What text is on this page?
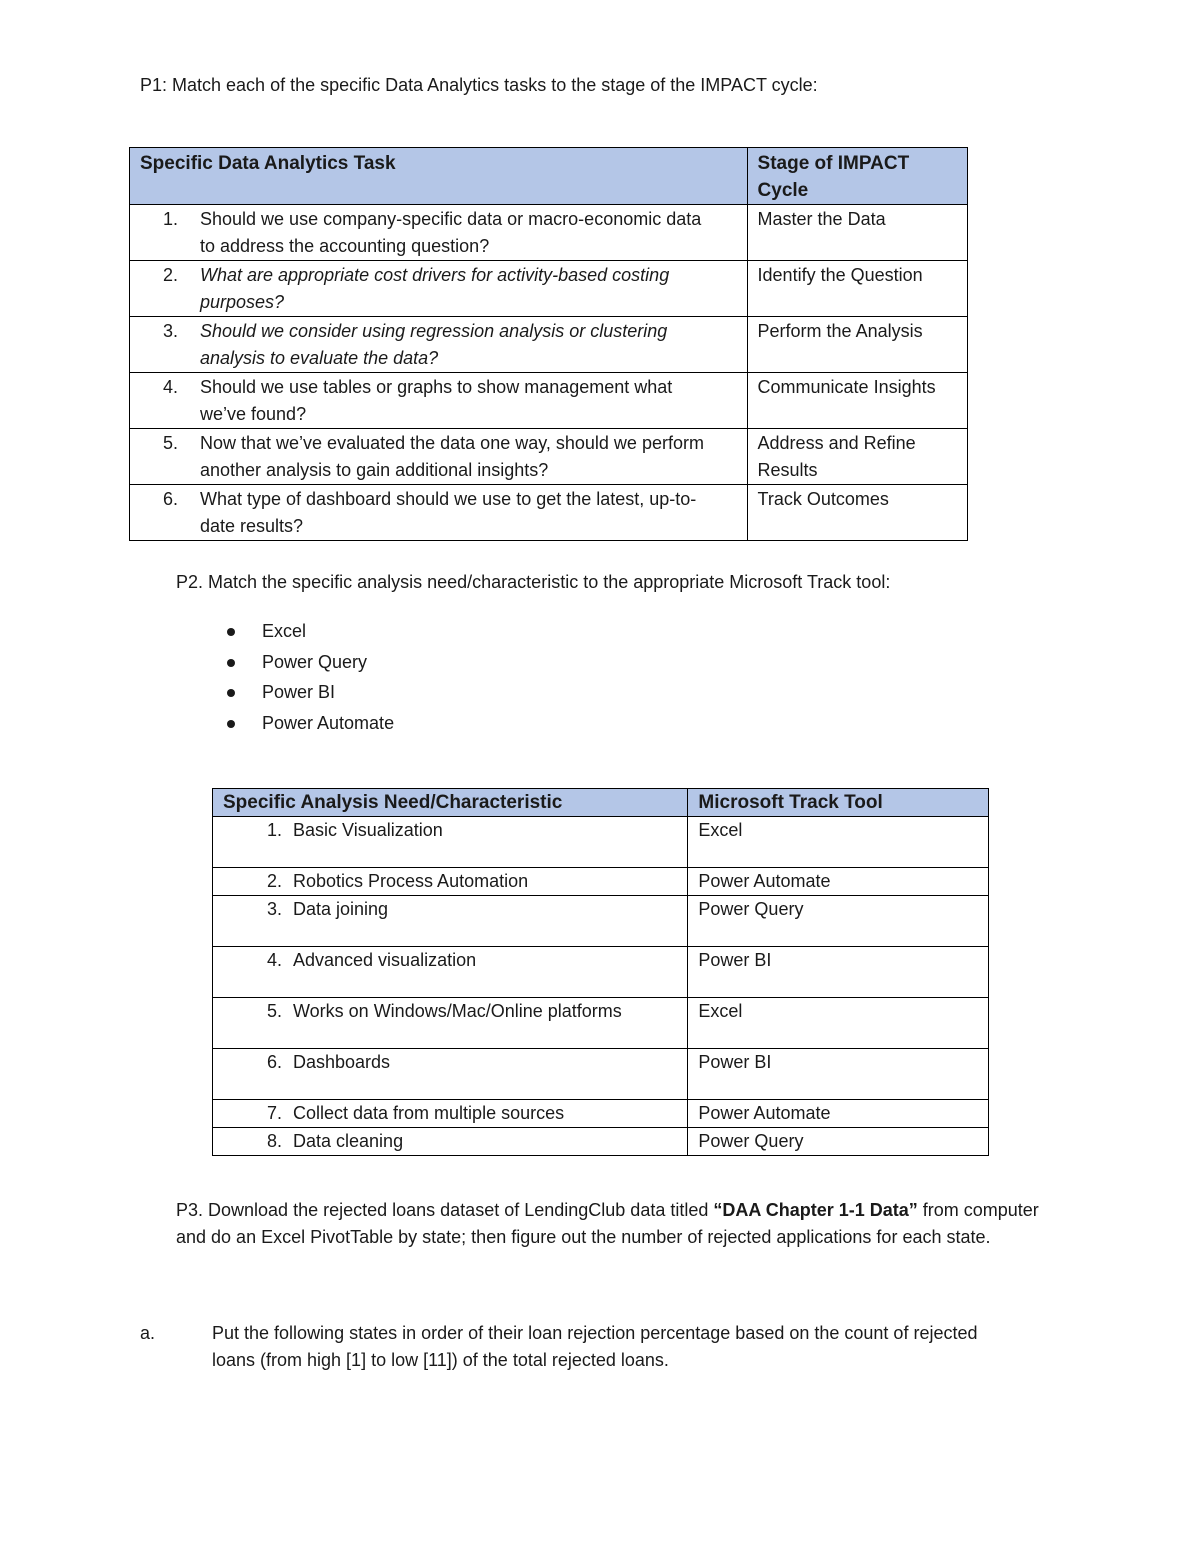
P1: Match each of the specific Data Analytics tasks to the stage of the IMPACT cycle:

Specific Data Analytics Task	Stage of IMPACT Cycle
1. Should we use company-specific data or macro-economic data to address the accounting question?	Master the Data
2. What are appropriate cost drivers for activity-based costing purposes?	Identify the Question
3. Should we consider using regression analysis or clustering analysis to evaluate the data?	Perform the Analysis
4. Should we use tables or graphs to show management what we’ve found?	Communicate Insights
5. Now that we’ve evaluated the data one way, should we perform another analysis to gain additional insights?	Address and Refine Results
6. What type of dashboard should we use to get the latest, up-to-date results?	Track Outcomes

P2. Match the specific analysis need/characteristic to the appropriate Microsoft Track tool:

Excel
Power Query
Power BI
Power Automate
Specific Analysis Need/Characteristic	Microsoft Track Tool
1. Basic Visualization	Excel
2. Robotics Process Automation	Power Automate
3. Data joining	Power Query
4. Advanced visualization	Power BI
5. Works on Windows/Mac/Online platforms	Excel
6. Dashboards	Power BI
7. Collect data from multiple sources	Power Automate
8. Data cleaning	Power Query

P3. Download the rejected loans dataset of LendingClub data titled “DAA Chapter 1-1 Data” from computer and do an Excel PivotTable by state; then figure out the number of rejected applications for each state.

a.	Put the following states in order of their loan rejection percentage based on the count of rejected loans (from high [1] to low [11]) of the total rejected loans.
